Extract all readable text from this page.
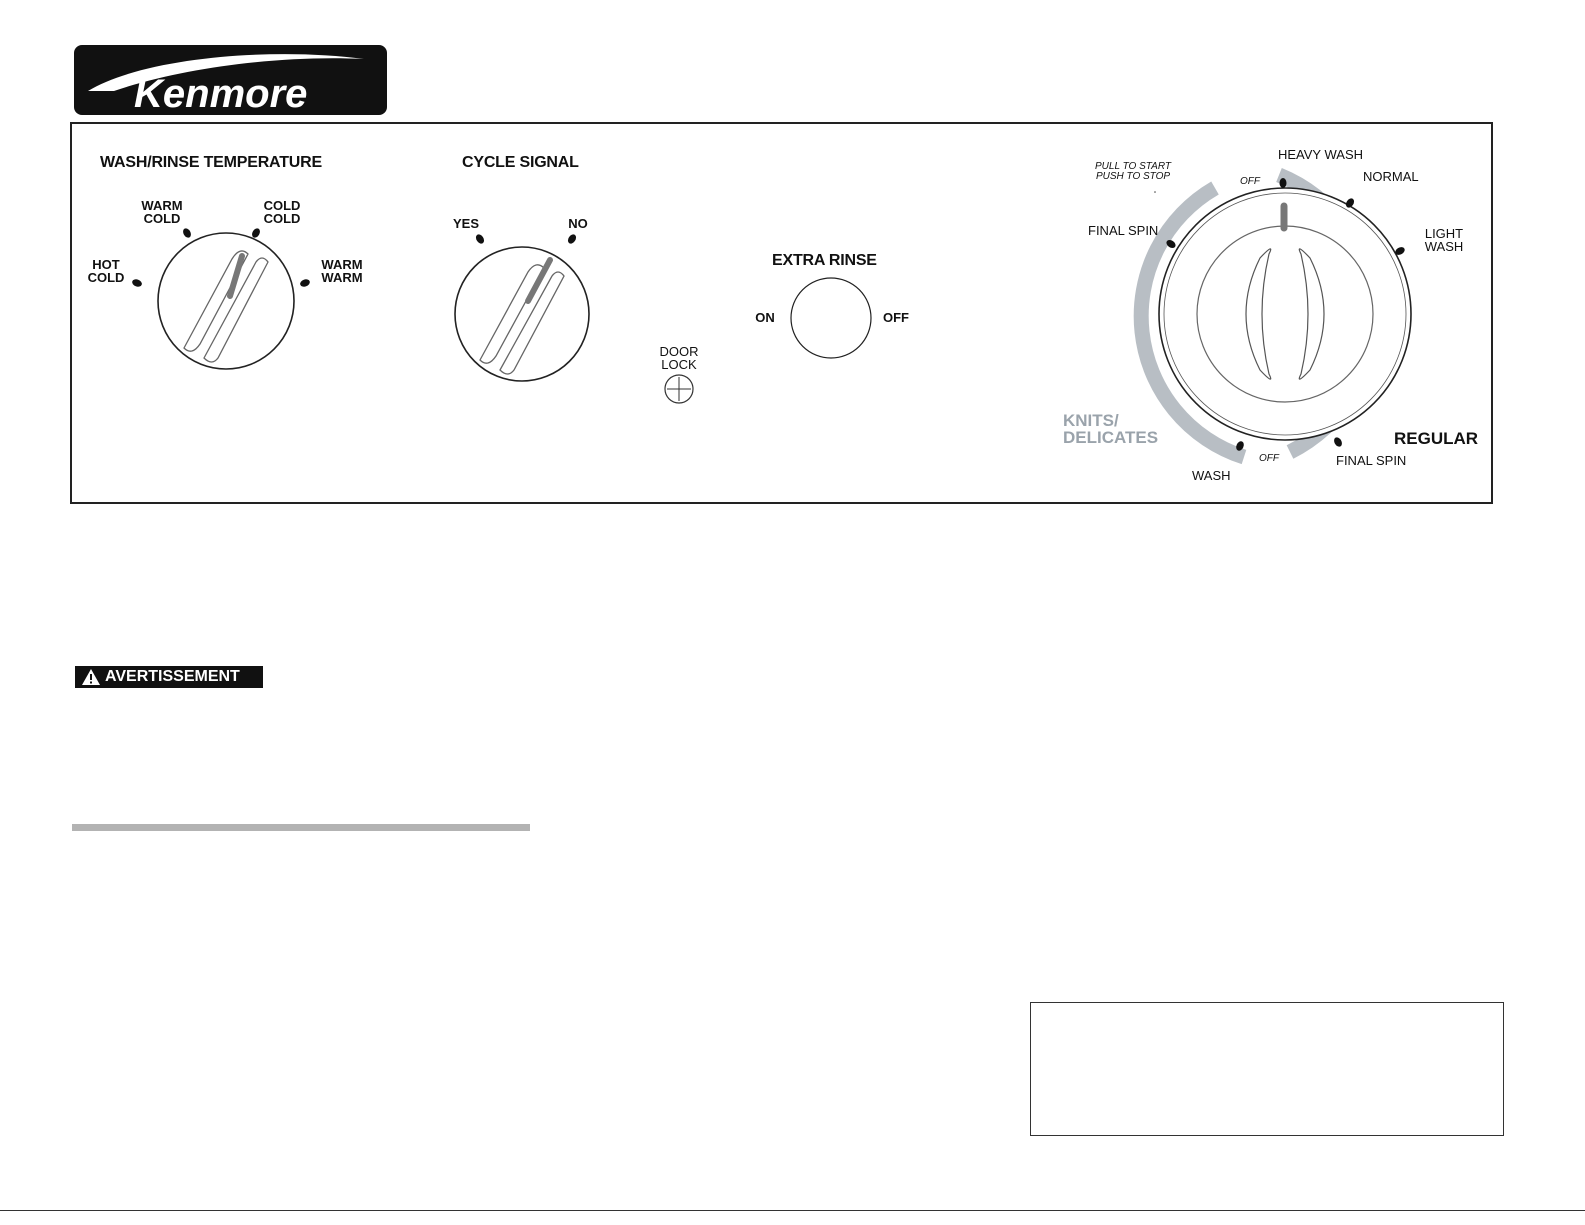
Kenmore
WASH/RINSE TEMPERATURE
HOT
COLD
WARM
COLD
COLD
COLD
WARM
WARM
CYCLE SIGNAL
YES	NO
EXTRA RINSE
ON	OFF
DOOR
LOCK
PULL TO START
PUSH TO STOP	OFF
HEAVY WASH
NORMAL
LIGHT
WASH
FINAL SPIN
KNITS/
DELICATES
WASH
OFF	FINAL SPIN
REGULAR
AVERTISSEMENT
